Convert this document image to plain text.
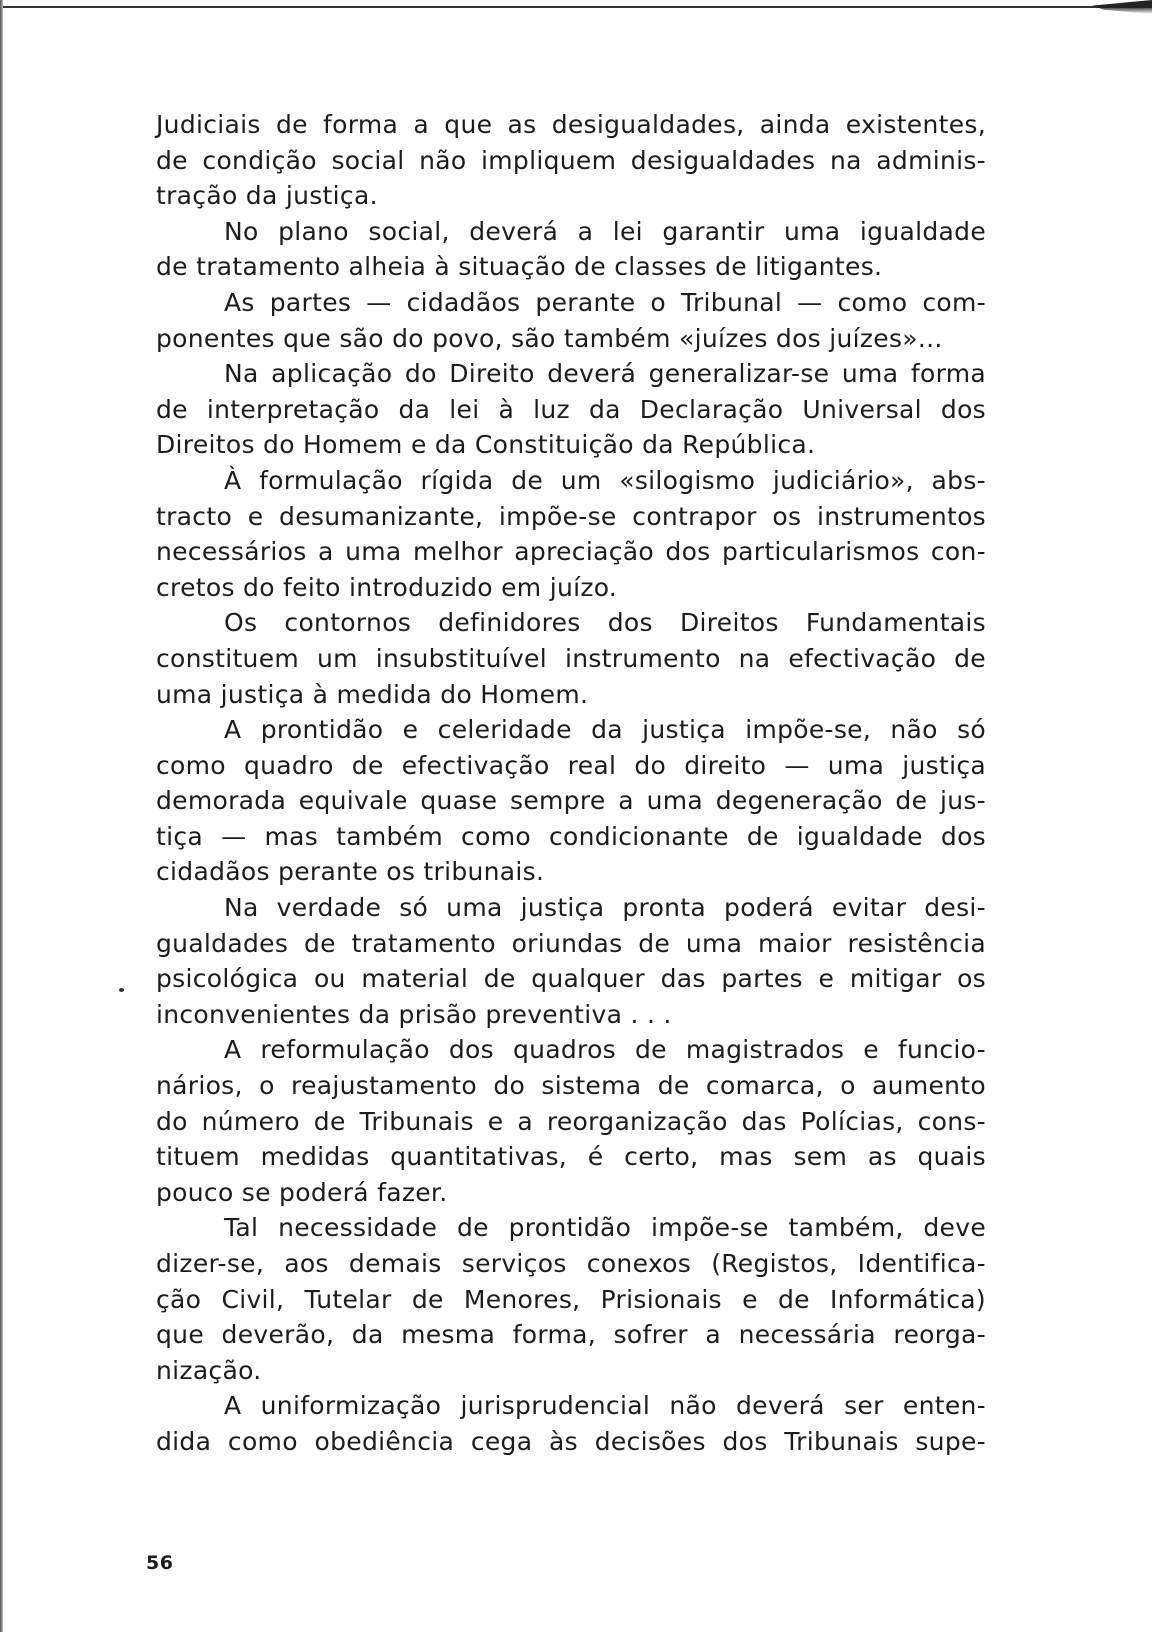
Judiciais de forma a que as desigualdades, ainda existentes,
de condição social não impliquem desigualdades na adminis-
tração da justiça.
No plano social, deverá a lei garantir uma igualdade
de tratamento alheia à situação de classes de litigantes.
As partes — cidadãos perante o Tribunal — como com-
ponentes que são do povo, são também «juízes dos juízes»...
Na aplicação do Direito deverá generalizar-se uma forma
de interpretação da lei à luz da Declaração Universal dos
Direitos do Homem e da Constituição da República.
À formulação rígida de um «silogismo judiciário», abs-
tracto e desumanizante, impõe-se contrapor os instrumentos
necessários a uma melhor apreciação dos particularismos con-
cretos do feito introduzido em juízo.
Os contornos definidores dos Direitos Fundamentais
constituem um insubstituível instrumento na efectivação de
uma justiça à medida do Homem.
A prontidão e celeridade da justiça impõe-se, não só
como quadro de efectivação real do direito — uma justiça
demorada equivale quase sempre a uma degeneração de jus-
tiça — mas também como condicionante de igualdade dos
cidadãos perante os tribunais.
Na verdade só uma justiça pronta poderá evitar desi-
gualdades de tratamento oriundas de uma maior resistência
psicológica ou material de qualquer das partes e mitigar os
inconvenientes da prisão preventiva . . .
A reformulação dos quadros de magistrados e funcio-
nários, o reajustamento do sistema de comarca, o aumento
do número de Tribunais e a reorganização das Polícias, cons-
tituem medidas quantitativas, é certo, mas sem as quais
pouco se poderá fazer.
Tal necessidade de prontidão impõe-se também, deve
dizer-se, aos demais serviços conexos (Registos, Identifica-
ção Civil, Tutelar de Menores, Prisionais e de Informática)
que deverão, da mesma forma, sofrer a necessária reorga-
nização.
A uniformização jurisprudencial não deverá ser enten-
dida como obediência cega às decisões dos Tribunais supe-
56
